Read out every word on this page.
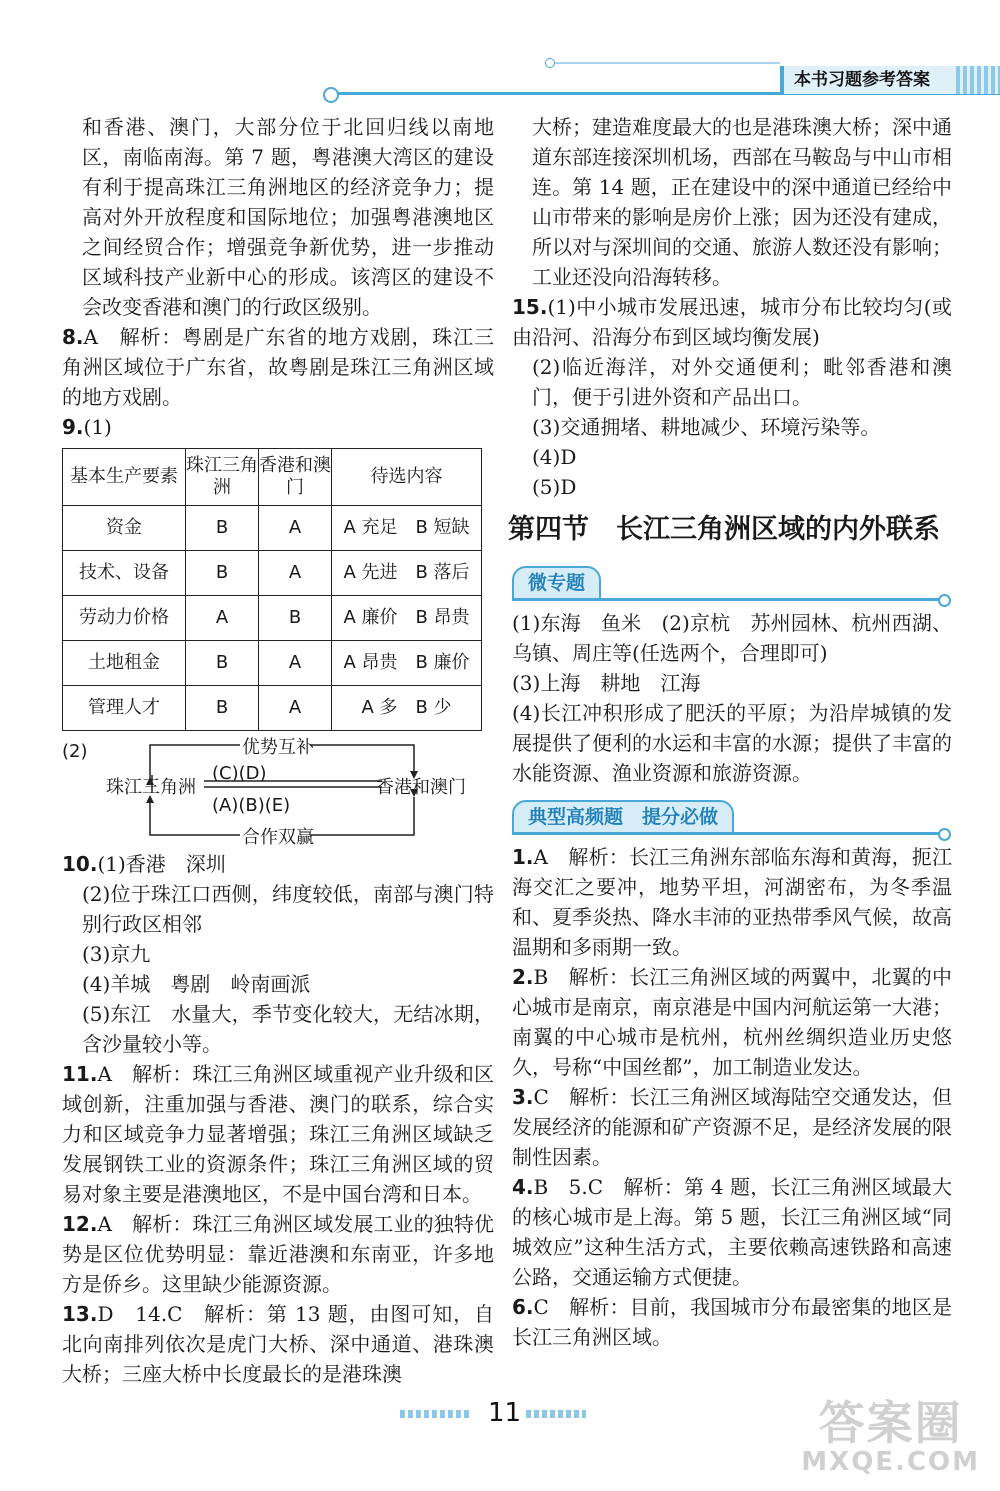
本书习题参考答案

和香港、澳门，大部分位于北回归线以南地区，南临南海。第 7 题，粤港澳大湾区的建设有利于提高珠江三角洲地区的经济竞争力；提高对外开放程度和国际地位；加强粤港澳地区之间经贸合作；增强竞争新优势，进一步推动区域科技产业新中心的形成。该湾区的建设不会改变香港和澳门的行政区级别。

8.A　解析：粤剧是广东省的地方戏剧，珠江三角洲区域位于广东省，故粤剧是珠江三角洲区域的地方戏剧。

9.(1)

基本生产要素	珠江三角洲	香港和澳门	待选内容
资金	B	A	A 充足　B 短缺
技术、设备	B	A	A 先进　B 落后
劳动力价格	A	B	A 廉价　B 昂贵
土地租金	B	A	A 昂贵　B 廉价
管理人才	B	A	A 多　B 少
(2)	优势互补
(C)(D)
珠江三角洲	香港和澳门
(A)(B)(E)
合作双赢

10.(1)香港　深圳

(2)位于珠江口西侧，纬度较低，南部与澳门特别行政区相邻

(3)京九

(4)羊城　粤剧　岭南画派

(5)东江　水量大，季节变化较大，无结冰期，含沙量较小等。

11.A　解析：珠江三角洲区域重视产业升级和区域创新，注重加强与香港、澳门的联系，综合实力和区域竞争力显著增强；珠江三角洲区域缺乏发展钢铁工业的资源条件；珠江三角洲区域的贸易对象主要是港澳地区，不是中国台湾和日本。

12.A　解析：珠江三角洲区域发展工业的独特优势是区位优势明显：靠近港澳和东南亚，许多地方是侨乡。这里缺少能源资源。

13.D　14.C　解析：第 13 题，由图可知，自北向南排列依次是虎门大桥、深中通道、港珠澳大桥；三座大桥中长度最长的是港珠澳

大桥；建造难度最大的也是港珠澳大桥；深中通道东部连接深圳机场，西部在马鞍岛与中山市相连。第 14 题，正在建设中的深中通道已经给中山市带来的影响是房价上涨；因为还没有建成，所以对与深圳间的交通、旅游人数还没有影响；工业还没向沿海转移。

15.(1)中小城市发展迅速，城市分布比较均匀(或由沿河、沿海分布到区域均衡发展)

(2)临近海洋，对外交通便利；毗邻香港和澳门，便于引进外资和产品出口。

(3)交通拥堵、耕地减少、环境污染等。

(4)D

(5)D

第四节　长江三角洲区域的内外联系
微专题

(1)东海　鱼米　(2)京杭　苏州园林、杭州西湖、乌镇、周庄等(任选两个，合理即可)

(3)上海　耕地　江海

(4)长江冲积形成了肥沃的平原；为沿岸城镇的发展提供了便利的水运和丰富的水源；提供了丰富的水能资源、渔业资源和旅游资源。

典型高频题　提分必做

1.A　解析：长江三角洲东部临东海和黄海，扼江海交汇之要冲，地势平坦，河湖密布，为冬季温和、夏季炎热、降水丰沛的亚热带季风气候，故高温期和多雨期一致。

2.B　解析：长江三角洲区域的两翼中，北翼的中心城市是南京，南京港是中国内河航运第一大港；南翼的中心城市是杭州，杭州丝绸织造业历史悠久，号称“中国丝都”，加工制造业发达。

3.C　解析：长江三角洲区域海陆空交通发达，但发展经济的能源和矿产资源不足，是经济发展的限制性因素。

4.B　5.C　解析：第 4 题，长江三角洲区域最大的核心城市是上海。第 5 题，长江三角洲区域“同城效应”这种生活方式，主要依赖高速铁路和高速公路，交通运输方式便捷。

6.C　解析：目前，我国城市分布最密集的地区是长江三角洲区域。

11	答案圈
MXQE.COM
